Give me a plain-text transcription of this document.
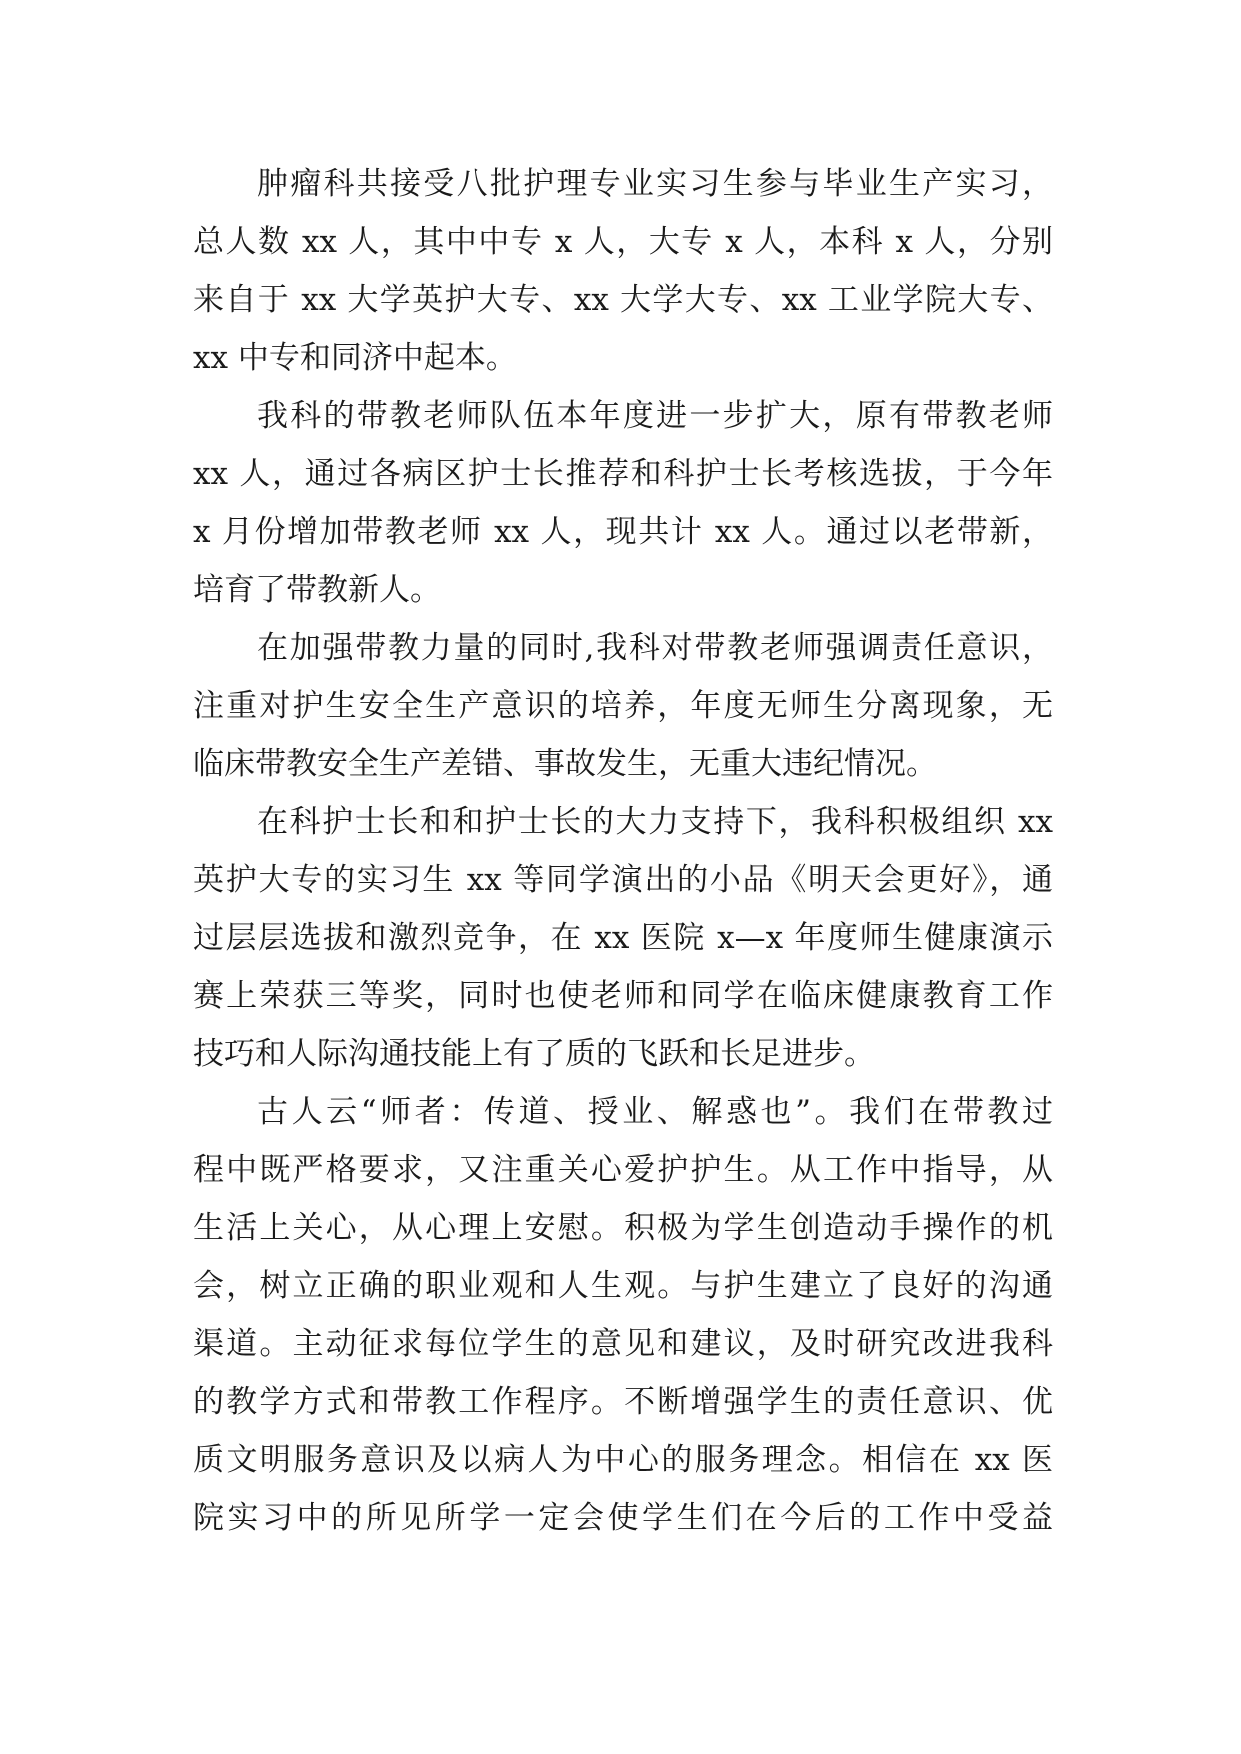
肿瘤科共接受八批护理专业实习生参与毕业生产实习，
总人数 xx 人，其中中专 x 人，大专 x 人，本科 x 人，分别
来自于 xx 大学英护大专、xx 大学大专、xx 工业学院大专、
xx 中专和同济中起本。
我科的带教老师队伍本年度进一步扩大，原有带教老师
xx 人，通过各病区护士长推荐和科护士长考核选拔，于今年
x 月份增加带教老师 xx 人，现共计 xx 人。通过以老带新，
培育了带教新人。
在加强带教力量的同时,我科对带教老师强调责任意识，
注重对护生安全生产意识的培养，年度无师生分离现象，无
临床带教安全生产差错、事故发生，无重大违纪情况。
在科护士长和和护士长的大力支持下，我科积极组织 xx
英护大专的实习生 xx 等同学演出的小品《明天会更好》，通
过层层选拔和激烈竞争，在 xx 医院 x—x 年度师生健康演示
赛上荣获三等奖，同时也使老师和同学在临床健康教育工作
技巧和人际沟通技能上有了质的飞跃和长足进步。
古人云“师者：传道、授业、解惑也”。我们在带教过
程中既严格要求，又注重关心爱护护生。从工作中指导，从
生活上关心，从心理上安慰。积极为学生创造动手操作的机
会，树立正确的职业观和人生观。与护生建立了良好的沟通
渠道。主动征求每位学生的意见和建议，及时研究改进我科
的教学方式和带教工作程序。不断增强学生的责任意识、优
质文明服务意识及以病人为中心的服务理念。相信在 xx 医
院实习中的所见所学一定会使学生们在今后的工作中受益
